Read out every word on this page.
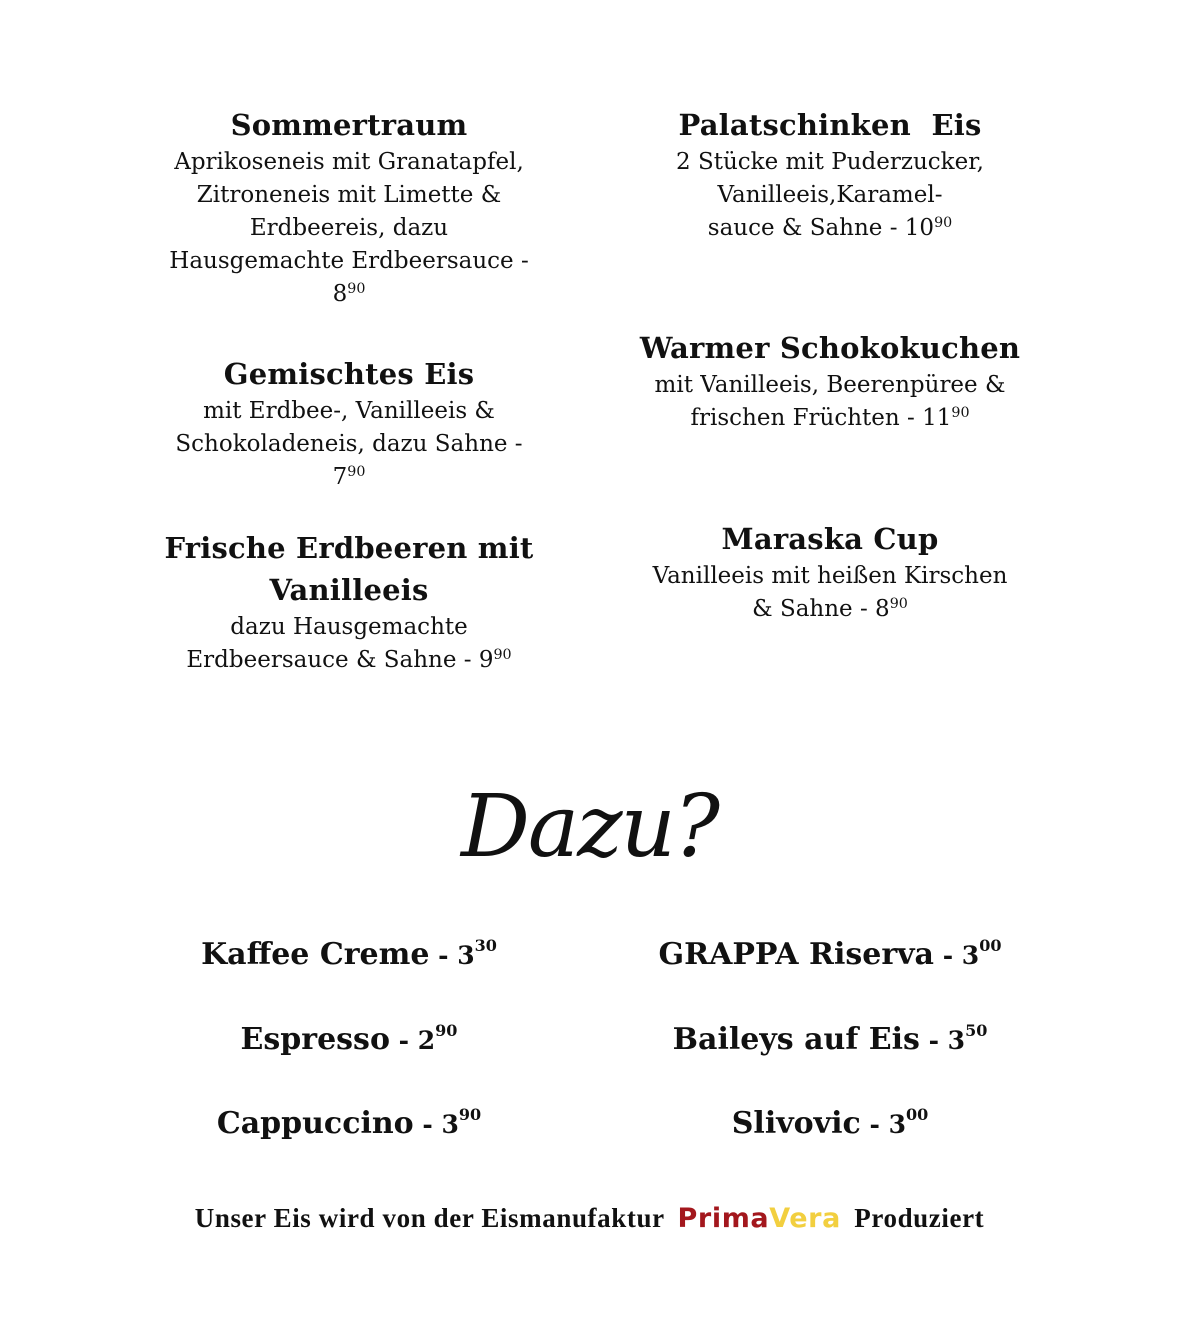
Sommertraum
Aprikoseneis mit Granatapfel,
Zitroneneis mit Limette &
Erdbeereis, dazu
Hausgemachte Erdbeersauce -
$8^{90}$
Gemischtes Eis
mit Erdbee-, Vanilleeis &
Schokoladeneis, dazu Sahne -
$7^{90}$
Frische Erdbeeren mit
Vanilleeis
dazu Hausgemachte
Erdbeersauce & Sahne - $9^{90}$
Palatschinken  Eis
2 Stücke mit Puderzucker,
Vanilleeis,Karamel-
sauce & Sahne - $10^{90}$
Warmer Schokokuchen
mit Vanilleeis, Beerenpüree &
frischen Früchten - $11^{90}$
Maraska Cup
Vanilleeis mit heißen Kirschen
& Sahne - $8^{90}$
Dazu?
Kaffee Creme - $3^{30}$
Espresso - $2^{90}$
Cappuccino - $3^{90}$
GRAPPA Riserva - $3^{00}$
Baileys auf Eis - $3^{50}$
Slivovic - $3^{00}$
Unser Eis wird von der Eismanufaktur PrimaVera Produziert
